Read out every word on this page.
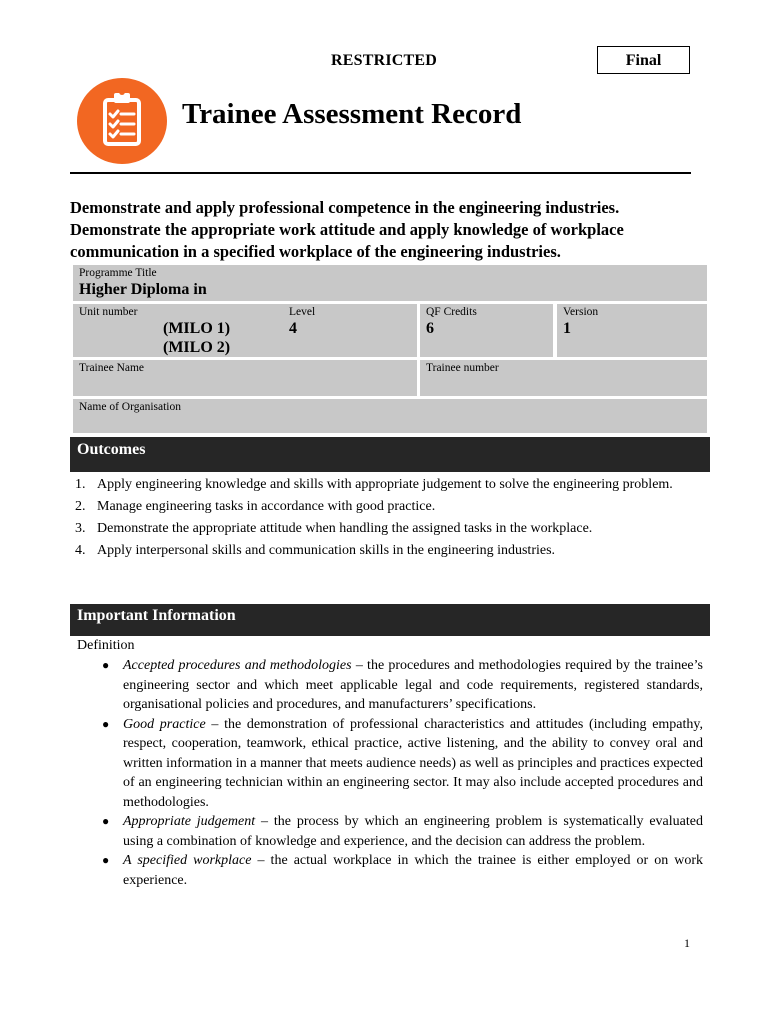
RESTRICTED	Final
Trainee Assessment Record
Demonstrate and apply professional competence in the engineering industries.
Demonstrate the appropriate work attitude and apply knowledge of workplace
communication in a specified workplace of the engineering industries.
Programme Title
Higher Diploma in
Unit number
(MILO 1)
(MILO 2)
Level
4
QF Credits
6
Version
1
Trainee Name	Trainee number
Name of Organisation
Outcomes
1. Apply engineering knowledge and skills with appropriate judgement to solve the engineering problem.
2. Manage engineering tasks in accordance with good practice.
3. Demonstrate the appropriate attitude when handling the assigned tasks in the workplace.
4. Apply interpersonal skills and communication skills in the engineering industries.
Important Information
Definition
● Accepted procedures and methodologies – the procedures and methodologies required by the trainee’s engineering sector and which meet applicable legal and code requirements, registered standards, organisational policies and procedures, and manufacturers’ specifications.
● Good practice – the demonstration of professional characteristics and attitudes (including empathy, respect, cooperation, teamwork, ethical practice, active listening, and the ability to convey oral and written information in a manner that meets audience needs) as well as principles and practices expected of an engineering technician within an engineering sector. It may also include accepted procedures and methodologies.
● Appropriate judgement – the process by which an engineering problem is systematically evaluated using a combination of knowledge and experience, and the decision can address the problem.
● A specified workplace – the actual workplace in which the trainee is either employed or on work experience.
1
